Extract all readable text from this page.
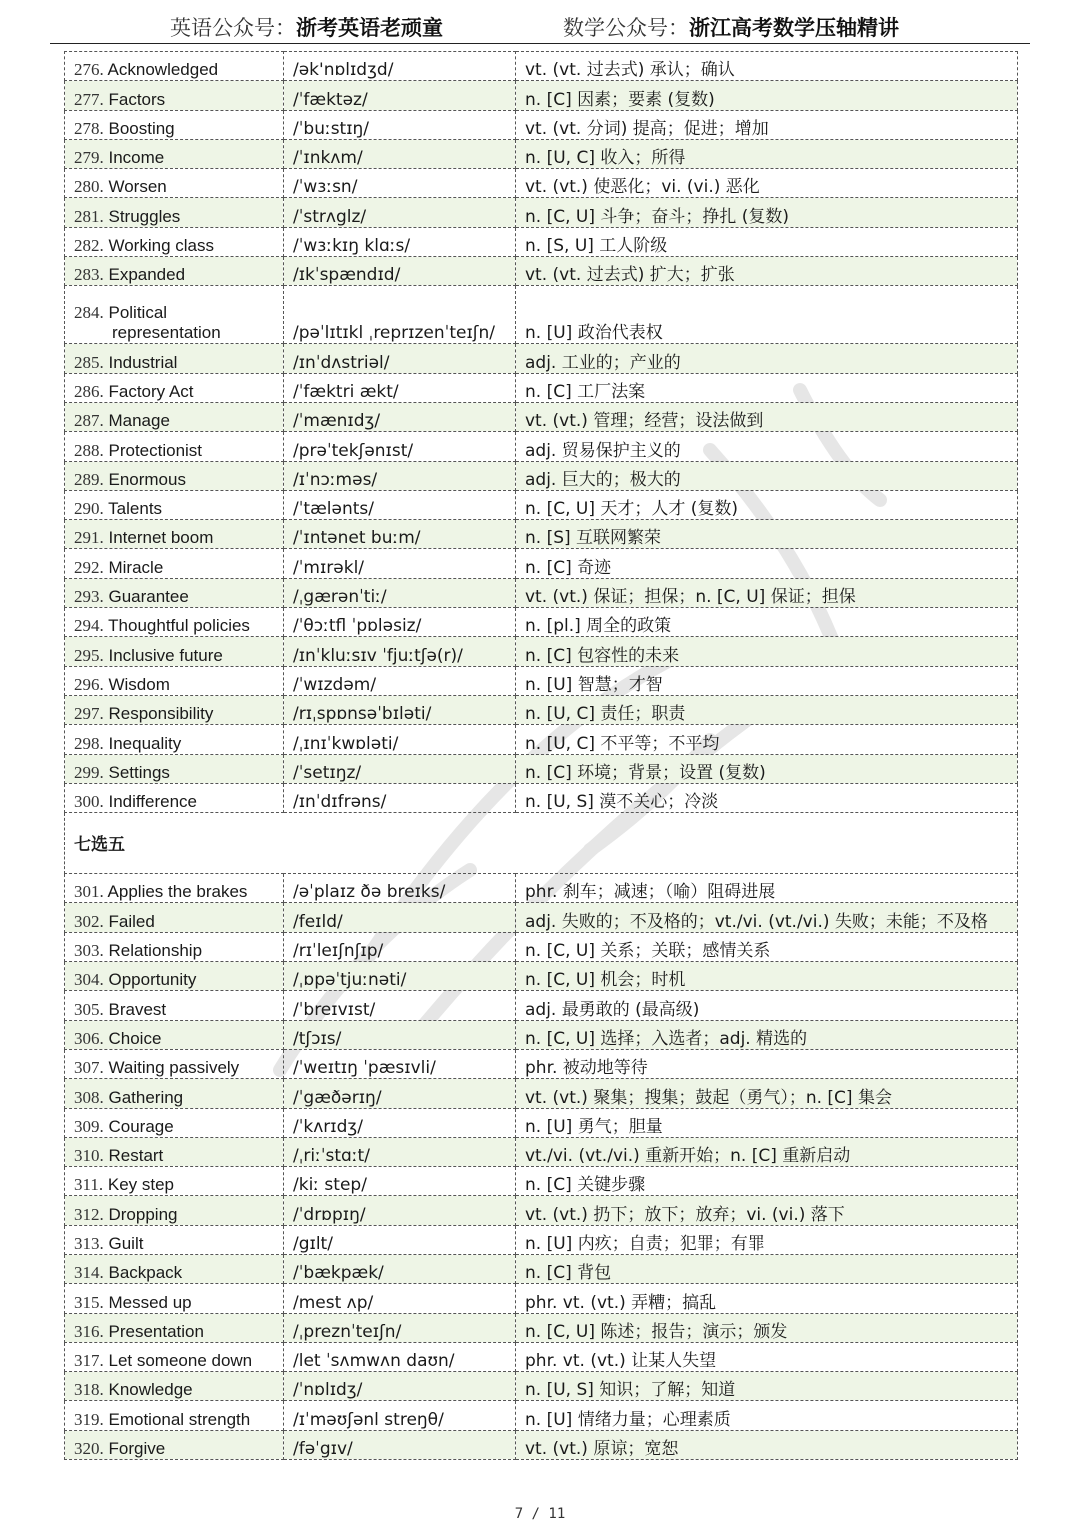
英语公众号：浙考英语老顽童	数学公众号：浙江高考数学压轴精讲
276. Acknowledged	/ək'nɒlɪdʒd/	vt. (vt. 过去式) 承认；确认
277. Factors	/ˈfæktəz/	n. [C] 因素；要素 (复数)
278. Boosting	/ˈbuːstɪŋ/	vt. (vt. 分词) 提高；促进；增加
279. Income	/ˈɪnkʌm/	n. [U, C] 收入；所得
280. Worsen	/ˈwɜːsn/	vt. (vt.) 使恶化；vi. (vi.) 恶化
281. Struggles	/ˈstrʌglz/	n. [C, U] 斗争；奋斗；挣扎 (复数)
282. Working class	/ˈwɜːkɪŋ klɑːs/	n. [S, U] 工人阶级
283. Expanded	/ɪkˈspændɪd/	vt. (vt. 过去式) 扩大；扩张
284. Political
representation	/pəˈlɪtɪkl ˌreprɪzenˈteɪʃn/	n. [U] 政治代表权
285. Industrial	/ɪnˈdʌstriəl/	adj. 工业的；产业的
286. Factory Act	/ˈfæktri ækt/	n. [C] 工厂法案
287. Manage	/ˈmænɪdʒ/	vt. (vt.) 管理；经营；设法做到
288. Protectionist	/prəˈtekʃənɪst/	adj. 贸易保护主义的
289. Enormous	/ɪˈnɔːməs/	adj. 巨大的；极大的
290. Talents	/ˈtælənts/	n. [C, U] 天才；人才 (复数)
291. Internet boom	/ˈɪntənet buːm/	n. [S] 互联网繁荣
292. Miracle	/ˈmɪrəkl/	n. [C] 奇迹
293. Guarantee	/ˌgærənˈtiː/	vt. (vt.) 保证；担保；n. [C, U] 保证；担保
294. Thoughtful policies	/ˈθɔːtfl ˈpɒləsiz/	n. [pl.] 周全的政策
295. Inclusive future	/ɪnˈkluːsɪv ˈfjuːtʃə(r)/	n. [C] 包容性的未来
296. Wisdom	/ˈwɪzdəm/	n. [U] 智慧；才智
297. Responsibility	/rɪˌspɒnsəˈbɪləti/	n. [U, C] 责任；职责
298. Inequality	/ˌɪnɪˈkwɒləti/	n. [U, C] 不平等；不平均
299. Settings	/ˈsetɪŋz/	n. [C] 环境；背景；设置 (复数)
300. Indifference	/ɪnˈdɪfrəns/	n. [U, S] 漠不关心；冷淡
七选五		
301. Applies the brakes	/əˈplaɪz ðə breɪks/	phr. 刹车；减速；（喻）阻碍进展
302. Failed	/feɪld/	adj. 失败的；不及格的；vt./vi. (vt./vi.) 失败；未能；不及格
303. Relationship	/rɪˈleɪʃnʃɪp/	n. [C, U] 关系；关联；感情关系
304. Opportunity	/ˌɒpəˈtjuːnəti/	n. [C, U] 机会；时机
305. Bravest	/ˈbreɪvɪst/	adj. 最勇敢的 (最高级)
306. Choice	/tʃɔɪs/	n. [C, U] 选择；入选者；adj. 精选的
307. Waiting passively	/ˈweɪtɪŋ ˈpæsɪvli/	phr. 被动地等待
308. Gathering	/ˈgæðərɪŋ/	vt. (vt.) 聚集；搜集；鼓起（勇气）；n. [C] 集会
309. Courage	/ˈkʌrɪdʒ/	n. [U] 勇气；胆量
310. Restart	/ˌriːˈstɑːt/	vt./vi. (vt./vi.) 重新开始；n. [C] 重新启动
311. Key step	/kiː step/	n. [C] 关键步骤
312. Dropping	/ˈdrɒpɪŋ/	vt. (vt.) 扔下；放下；放弃；vi. (vi.) 落下
313. Guilt	/gɪlt/	n. [U] 内疚；自责；犯罪；有罪
314. Backpack	/ˈbækpæk/	n. [C] 背包
315. Messed up	/mest ʌp/	phr. vt. (vt.) 弄糟；搞乱
316. Presentation	/ˌpreznˈteɪʃn/	n. [C, U] 陈述；报告；演示；颁发
317. Let someone down	/let ˈsʌmwʌn daʊn/	phr. vt. (vt.) 让某人失望
318. Knowledge	/ˈnɒlɪdʒ/	n. [U, S] 知识；了解；知道
319. Emotional strength	/ɪˈməʊʃənl streŋθ/	n. [U] 情绪力量；心理素质
320. Forgive	/fəˈgɪv/	vt. (vt.) 原谅；宽恕
7 / 11
